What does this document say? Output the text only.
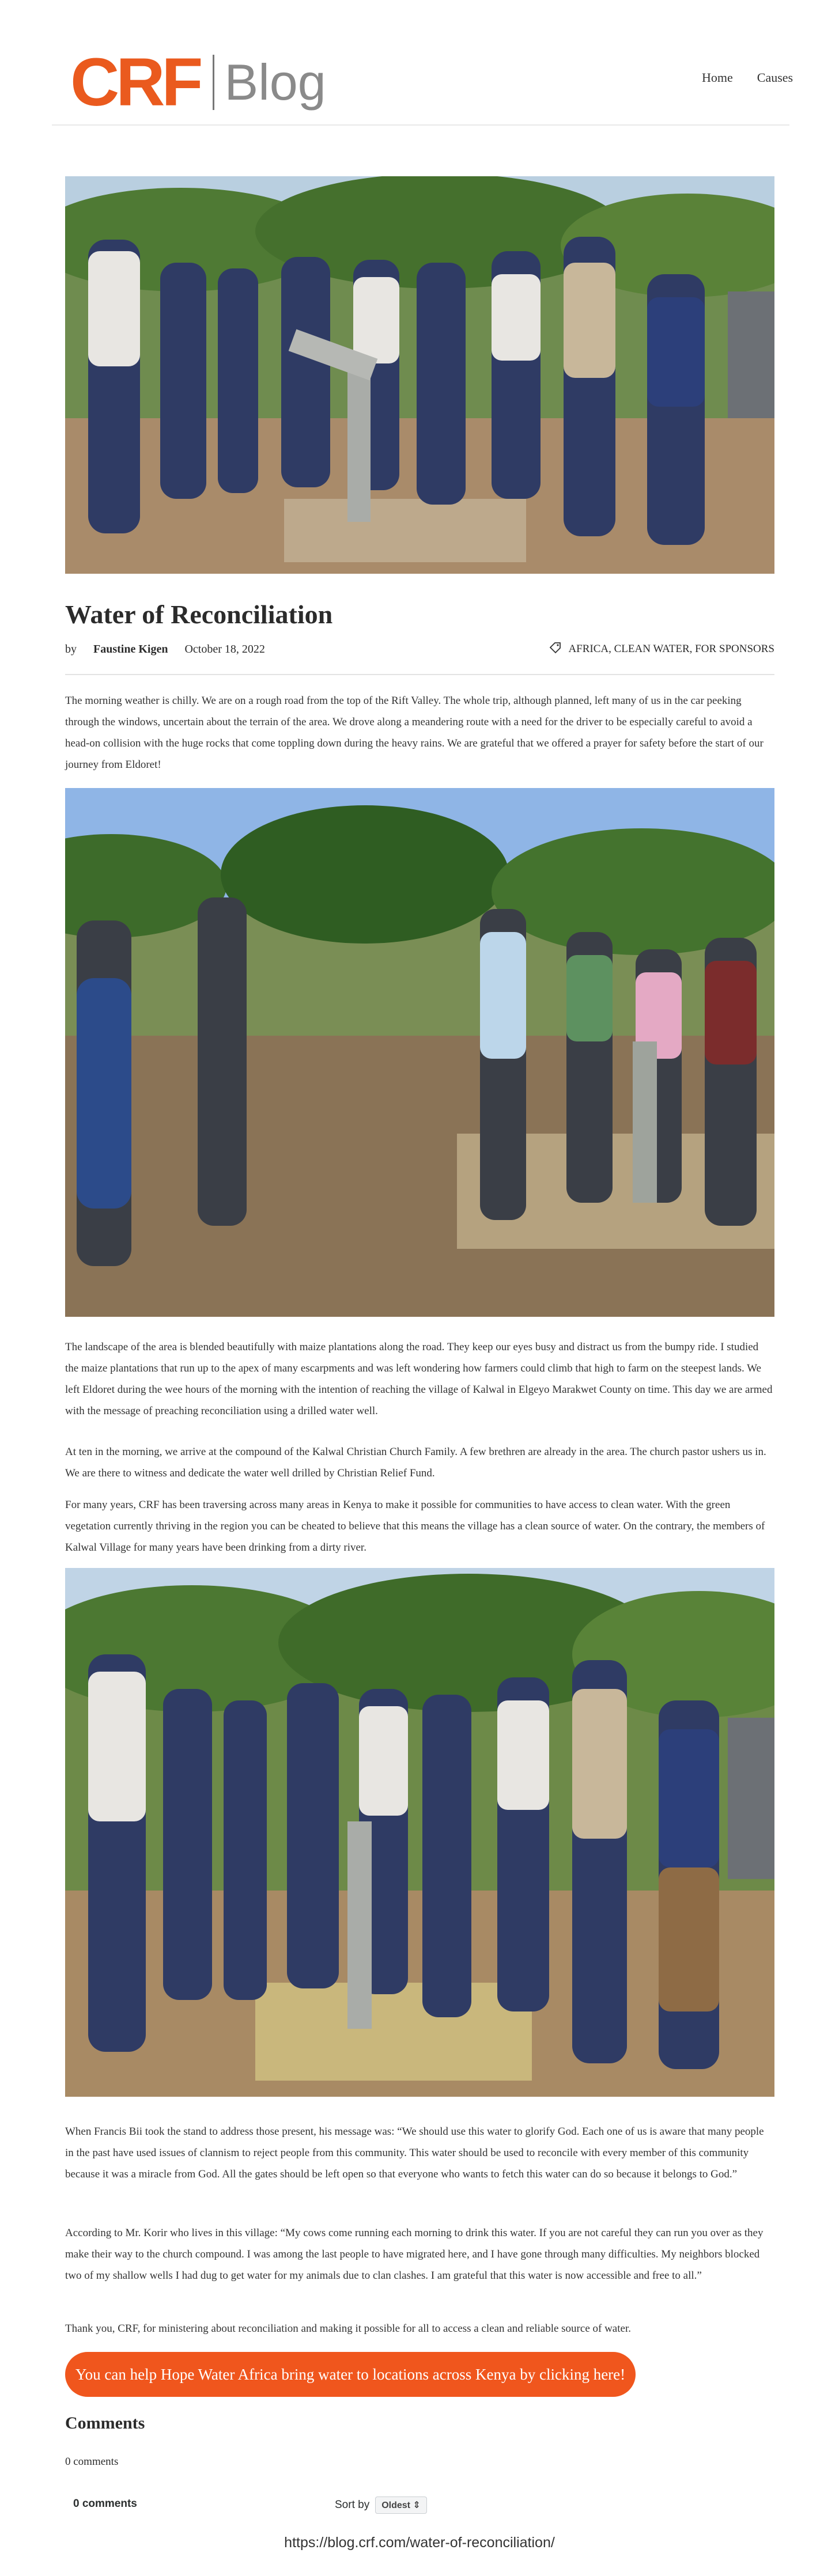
CRF Blog	Home Causes
Water of Reconciliation
by Faustine Kigen October 18, 2022	AFRICA, CLEAN WATER, FOR SPONSORS

The morning weather is chilly. We are on a rough road from the top of the Rift Valley. The whole trip, although planned, left many of us in the car peeking through the windows, uncertain about the terrain of the area. We drove along a meandering route with a need for the driver to be especially careful to avoid a head-on collision with the huge rocks that come toppling down during the heavy rains. We are grateful that we offered a prayer for safety before the start of our journey from Eldoret!

The landscape of the area is blended beautifully with maize plantations along the road. They keep our eyes busy and distract us from the bumpy ride. I studied the maize plantations that run up to the apex of many escarpments and was left wondering how farmers could climb that high to farm on the steepest lands. We left Eldoret during the wee hours of the morning with the intention of reaching the village of Kalwal in Elgeyo Marakwet County on time. This day we are armed with the message of preaching reconciliation using a drilled water well.

At ten in the morning, we arrive at the compound of the Kalwal Christian Church Family. A few brethren are already in the area. The church pastor ushers us in. We are there to witness and dedicate the water well drilled by Christian Relief Fund.

For many years, CRF has been traversing across many areas in Kenya to make it possible for communities to have access to clean water. With the green vegetation currently thriving in the region you can be cheated to believe that this means the village has a clean source of water. On the contrary, the members of Kalwal Village for many years have been drinking from a dirty river.

When Francis Bii took the stand to address those present, his message was: “We should use this water to glorify God. Each one of us is aware that many people in the past have used issues of clannism to reject people from this community. This water should be used to reconcile with every member of this community because it was a miracle from God. All the gates should be left open so that everyone who wants to fetch this water can do so because it belongs to God.”

According to Mr. Korir who lives in this village: “My cows come running each morning to drink this water. If you are not careful they can run you over as they make their way to the church compound. I was among the last people to have migrated here, and I have gone through many difficulties. My neighbors blocked two of my shallow wells I had dug to get water for my animals due to clan clashes. I am grateful that this water is now accessible and free to all.”

Thank you, CRF, for ministering about reconciliation and making it possible for all to access a clean and reliable source of water.

You can help Hope Water Africa bring water to locations across Kenya by clicking here!
Comments
0 comments
0 comments	Sort by	Oldest ⇕
https://blog.crf.com/water-of-reconciliation/
